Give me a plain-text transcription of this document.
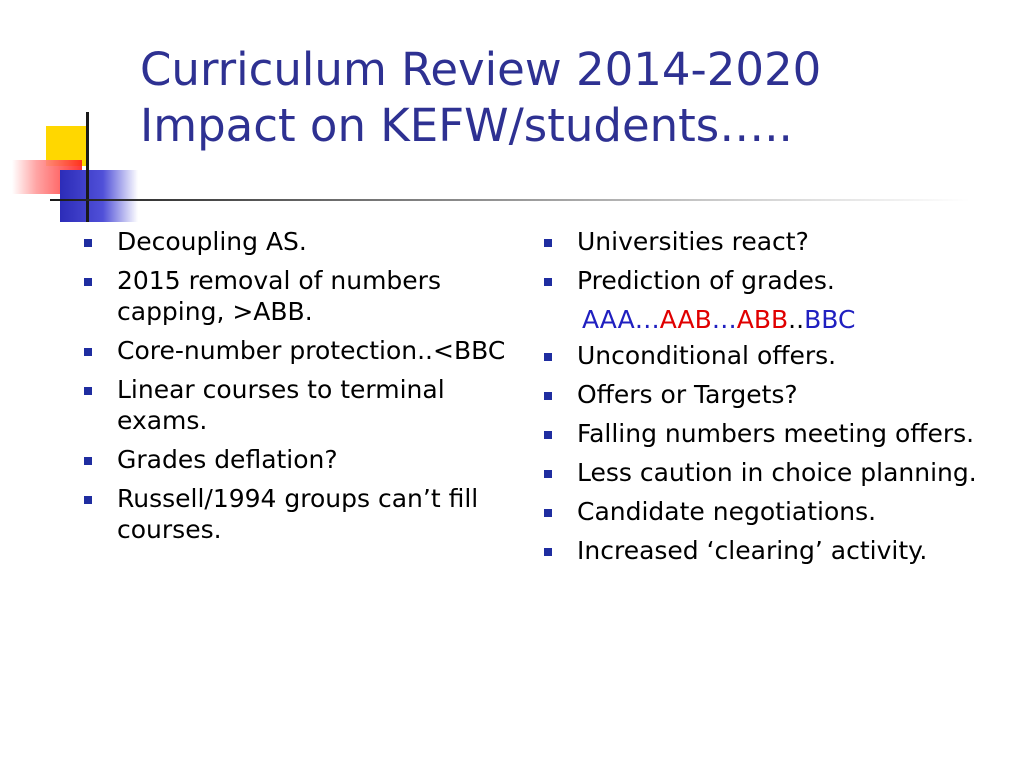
Curriculum Review 2014-2020
Impact on KEFW/students…..
Decoupling AS.
2015 removal of numbers capping, >ABB.
Core-number protection..<BBC
Linear courses to terminal exams.
Grades deflation?
Russell/1994 groups can’t fill courses.
Universities react?
Prediction of grades.
AAA…AAB…ABB..BBC
Unconditional offers.
Offers or Targets?
Falling numbers meeting offers.
Less caution in choice planning.
Candidate negotiations.
Increased ‘clearing’ activity.
